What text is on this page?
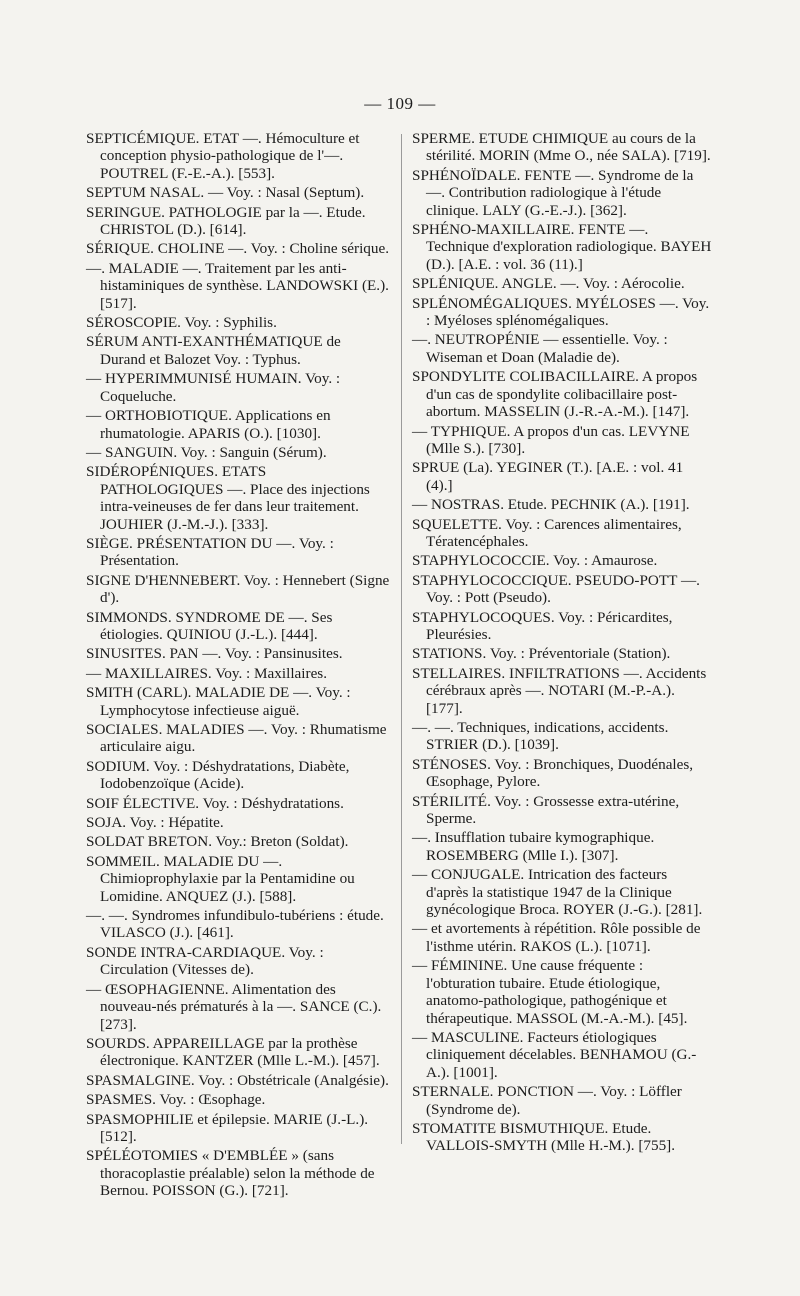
— 109 —

SEPTICÉMIQUE. ETAT —. Hémoculture et conception physio-pathologique de l'—. POUTREL (F.-E.-A.). [553].

SEPTUM NASAL. — Voy. : Nasal (Septum).

SERINGUE. PATHOLOGIE par la —. Etude. CHRISTOL (D.). [614].

SÉRIQUE. CHOLINE —. Voy. : Choline sérique.

—. MALADIE —. Traitement par les anti-histaminiques de synthèse. LANDOWSKI (E.). [517].

SÉROSCOPIE. Voy. : Syphilis.

SÉRUM ANTI-EXANTHÉMATIQUE de Durand et Balozet Voy. : Typhus.

— HYPERIMMUNISÉ HUMAIN. Voy. : Coqueluche.

— ORTHOBIOTIQUE. Applications en rhumatologie. APARIS (O.). [1030].

— SANGUIN. Voy. : Sanguin (Sérum).

SIDÉROPÉNIQUES. ETATS PATHOLOGIQUES —. Place des injections intra-veineuses de fer dans leur traitement. JOUHIER (J.-M.-J.). [333].

SIÈGE. PRÉSENTATION DU —. Voy. : Présentation.

SIGNE D'HENNEBERT. Voy. : Hennebert (Signe d').

SIMMONDS. SYNDROME DE —. Ses étiologies. QUINIOU (J.-L.). [444].

SINUSITES. PAN —. Voy. : Pansinusites.

— MAXILLAIRES. Voy. : Maxillaires.

SMITH (CARL). MALADIE DE —. Voy. : Lymphocytose infectieuse aiguë.

SOCIALES. MALADIES —. Voy. : Rhumatisme articulaire aigu.

SODIUM. Voy. : Déshydratations, Diabète, Iodobenzoïque (Acide).

SOIF ÉLECTIVE. Voy. : Déshydratations.

SOJA. Voy. : Hépatite.

SOLDAT BRETON. Voy.: Breton (Soldat).

SOMMEIL. MALADIE DU —. Chimioprophylaxie par la Pentamidine ou Lomidine. ANQUEZ (J.). [588].

—. —. Syndromes infundibulo-tubériens : étude. VILASCO (J.). [461].

SONDE INTRA-CARDIAQUE. Voy. : Circulation (Vitesses de).

— ŒSOPHAGIENNE. Alimentation des nouveau-nés prématurés à la —. SANCE (C.). [273].

SOURDS. APPAREILLAGE par la prothèse électronique. KANTZER (Mlle L.-M.). [457].

SPASMALGINE. Voy. : Obstétricale (Analgésie).

SPASMES. Voy. : Œsophage.

SPASMOPHILIE et épilepsie. MARIE (J.-L.). [512].

SPÉLÉOTOMIES « D'EMBLÉE » (sans thoracoplastie préalable) selon la méthode de Bernou. POISSON (G.). [721].

SPERME. ETUDE CHIMIQUE au cours de la stérilité. MORIN (Mme O., née SALA). [719].

SPHÉNOÏDALE. FENTE —. Syndrome de la —. Contribution radiologique à l'étude clinique. LALY (G.-E.-J.). [362].

SPHÉNO-MAXILLAIRE. FENTE —. Technique d'exploration radiologique. BAYEH (D.). [A.E. : vol. 36 (11).]

SPLÉNIQUE. ANGLE. —. Voy. : Aérocolie.

SPLÉNOMÉGALIQUES. MYÉLOSES —. Voy. : Myéloses splénomégaliques.

—. NEUTROPÉNIE — essentielle. Voy. : Wiseman et Doan (Maladie de).

SPONDYLITE COLIBACILLAIRE. A propos d'un cas de spondylite colibacillaire post-abortum. MASSELIN (J.-R.-A.-M.). [147].

— TYPHIQUE. A propos d'un cas. LEVYNE (Mlle S.). [730].

SPRUE (La). YEGINER (T.). [A.E. : vol. 41 (4).]

— NOSTRAS. Etude. PECHNIK (A.). [191].

SQUELETTE. Voy. : Carences alimentaires, Tératencéphales.

STAPHYLOCOCCIE. Voy. : Amaurose.

STAPHYLOCOCCIQUE. PSEUDO-POTT —. Voy. : Pott (Pseudo).

STAPHYLOCOQUES. Voy. : Péricardites, Pleurésies.

STATIONS. Voy. : Préventoriale (Station).

STELLAIRES. INFILTRATIONS —. Accidents cérébraux après —. NOTARI (M.-P.-A.). [177].

—. —. Techniques, indications, accidents. STRIER (D.). [1039].

STÉNOSES. Voy. : Bronchiques, Duodénales, Œsophage, Pylore.

STÉRILITÉ. Voy. : Grossesse extra-utérine, Sperme.

—. Insufflation tubaire kymographique. ROSEMBERG (Mlle I.). [307].

— CONJUGALE. Intrication des facteurs d'après la statistique 1947 de la Clinique gynécologique Broca. ROYER (J.-G.). [281].

— et avortements à répétition. Rôle possible de l'isthme utérin. RAKOS (L.). [1071].

— FÉMININE. Une cause fréquente : l'obturation tubaire. Etude étiologique, anatomo-pathologique, pathogénique et thérapeutique. MASSOL (M.-A.-M.). [45].

— MASCULINE. Facteurs étiologiques cliniquement décelables. BENHAMOU (G.-A.). [1001].

STERNALE. PONCTION —. Voy. : Löffler (Syndrome de).

STOMATITE BISMUTHIQUE. Etude. VALLOIS-SMYTH (Mlle H.-M.). [755].
